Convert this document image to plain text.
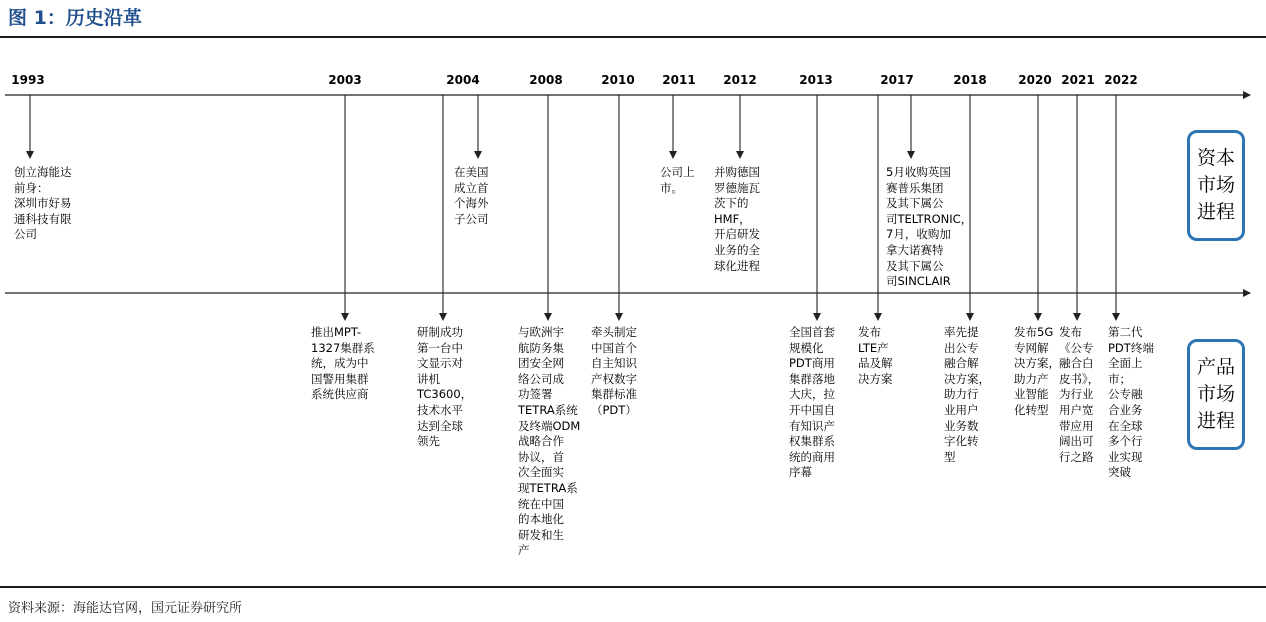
图 1：历史沿革
1993	2003	2004	2008	2010 2011 2012	2013	2017	2018	2020 2021 2022
创立海能达
前身：
深圳市好易
通科技有限
公司
在美国
成立首
个海外
子公司
公司上
市。
并购德国
罗德施瓦
茨下的
HMF，
开启研发
业务的全
球化进程
5月收购英国
赛普乐集团
及其下属公
司TELTRONIC，
7月，收购加
拿大诺赛特
及其下属公
司SINCLAIR
推出MPT-
1327集群系
统，成为中
国警用集群
系统供应商
研制成功
第一台中
文显示对
讲机
TC3600，
技术水平
达到全球
领先
与欧洲宇
航防务集
团安全网
络公司成
功签署
TETRA系统
及终端ODM
战略合作
协议，首
次全面实
现TETRA系
统在中国
的本地化
研发和生
产
牵头制定
中国首个
自主知识
产权数字
集群标准
（PDT）
全国首套
规模化
PDT商用
集群落地
大庆，拉
开中国自
有知识产
权集群系
统的商用
序幕
发布
LTE产
品及解
决方案
率先提
出公专
融合解
决方案，
助力行
业用户
业务数
字化转
型
发布5G
专网解
决方案，
助力产
业智能
化转型
发布
《公专
融合白
皮书》，
为行业
用户宽
带应用
阔出可
行之路
第二代
PDT终端
全面上
市；
公专融
合业务
在全球
多个行
业实现
突破
资本
市场
进程
产品
市场
进程
资料来源：海能达官网，国元证券研究所
